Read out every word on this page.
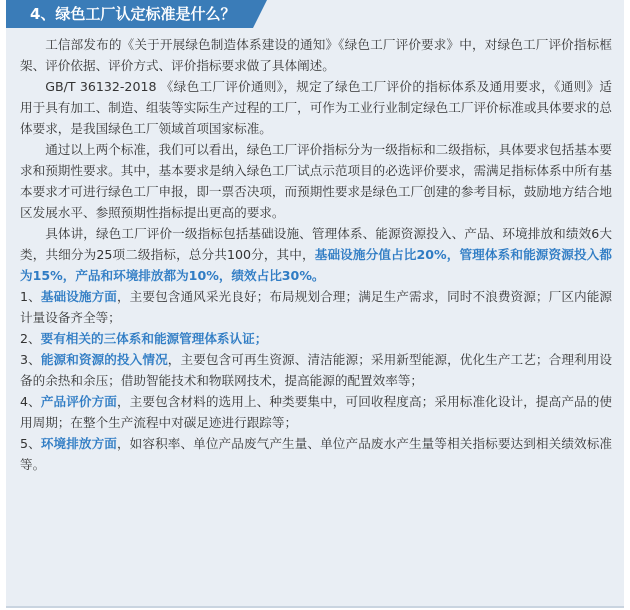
4、绿色工厂认定标准是什么？

工信部发布的《关于开展绿色制造体系建设的通知》《绿色工厂评价要求》中，对绿色工厂评价指标框架、评价依据、评价方式、评价指标要求做了具体阐述。

GB/T 36132-2018 《绿色工厂评价通则》，规定了绿色工厂评价的指标体系及通用要求，《通则》适用于具有加工、制造、组装等实际生产过程的工厂，可作为工业行业制定绿色工厂评价标准或具体要求的总体要求，是我国绿色工厂领域首项国家标准。

通过以上两个标准，我们可以看出，绿色工厂评价指标分为一级指标和二级指标，具体要求包括基本要求和预期性要求。其中，基本要求是纳入绿色工厂试点示范项目的必选评价要求，需满足指标体系中所有基本要求才可进行绿色工厂申报，即一票否决项，而预期性要求是绿色工厂创建的参考目标，鼓励地方结合地区发展水平、参照预期性指标提出更高的要求。

具体讲，绿色工厂评价一级指标包括基础设施、管理体系、能源资源投入、产品、环境排放和绩效6大类，共细分为25项二级指标，总分共100分，其中，基础设施分值占比20%，管理体系和能源资源投入都为15%，产品和环境排放都为10%，绩效占比30%。

1、基础设施方面，主要包含通风采光良好；布局规划合理；满足生产需求，同时不浪费资源；厂区内能源计量设备齐全等；

2、要有相关的三体系和能源管理体系认证；

3、能源和资源的投入情况，主要包含可再生资源、清洁能源；采用新型能源，优化生产工艺；合理利用设备的余热和余压；借助智能技术和物联网技术，提高能源的配置效率等；

4、产品评价方面，主要包含材料的选用上、种类要集中，可回收程度高；采用标准化设计，提高产品的使用周期；在整个生产流程中对碳足迹进行跟踪等；

5、环境排放方面，如容积率、单位产品废气产生量、单位产品废水产生量等相关指标要达到相关绩效标准等。
